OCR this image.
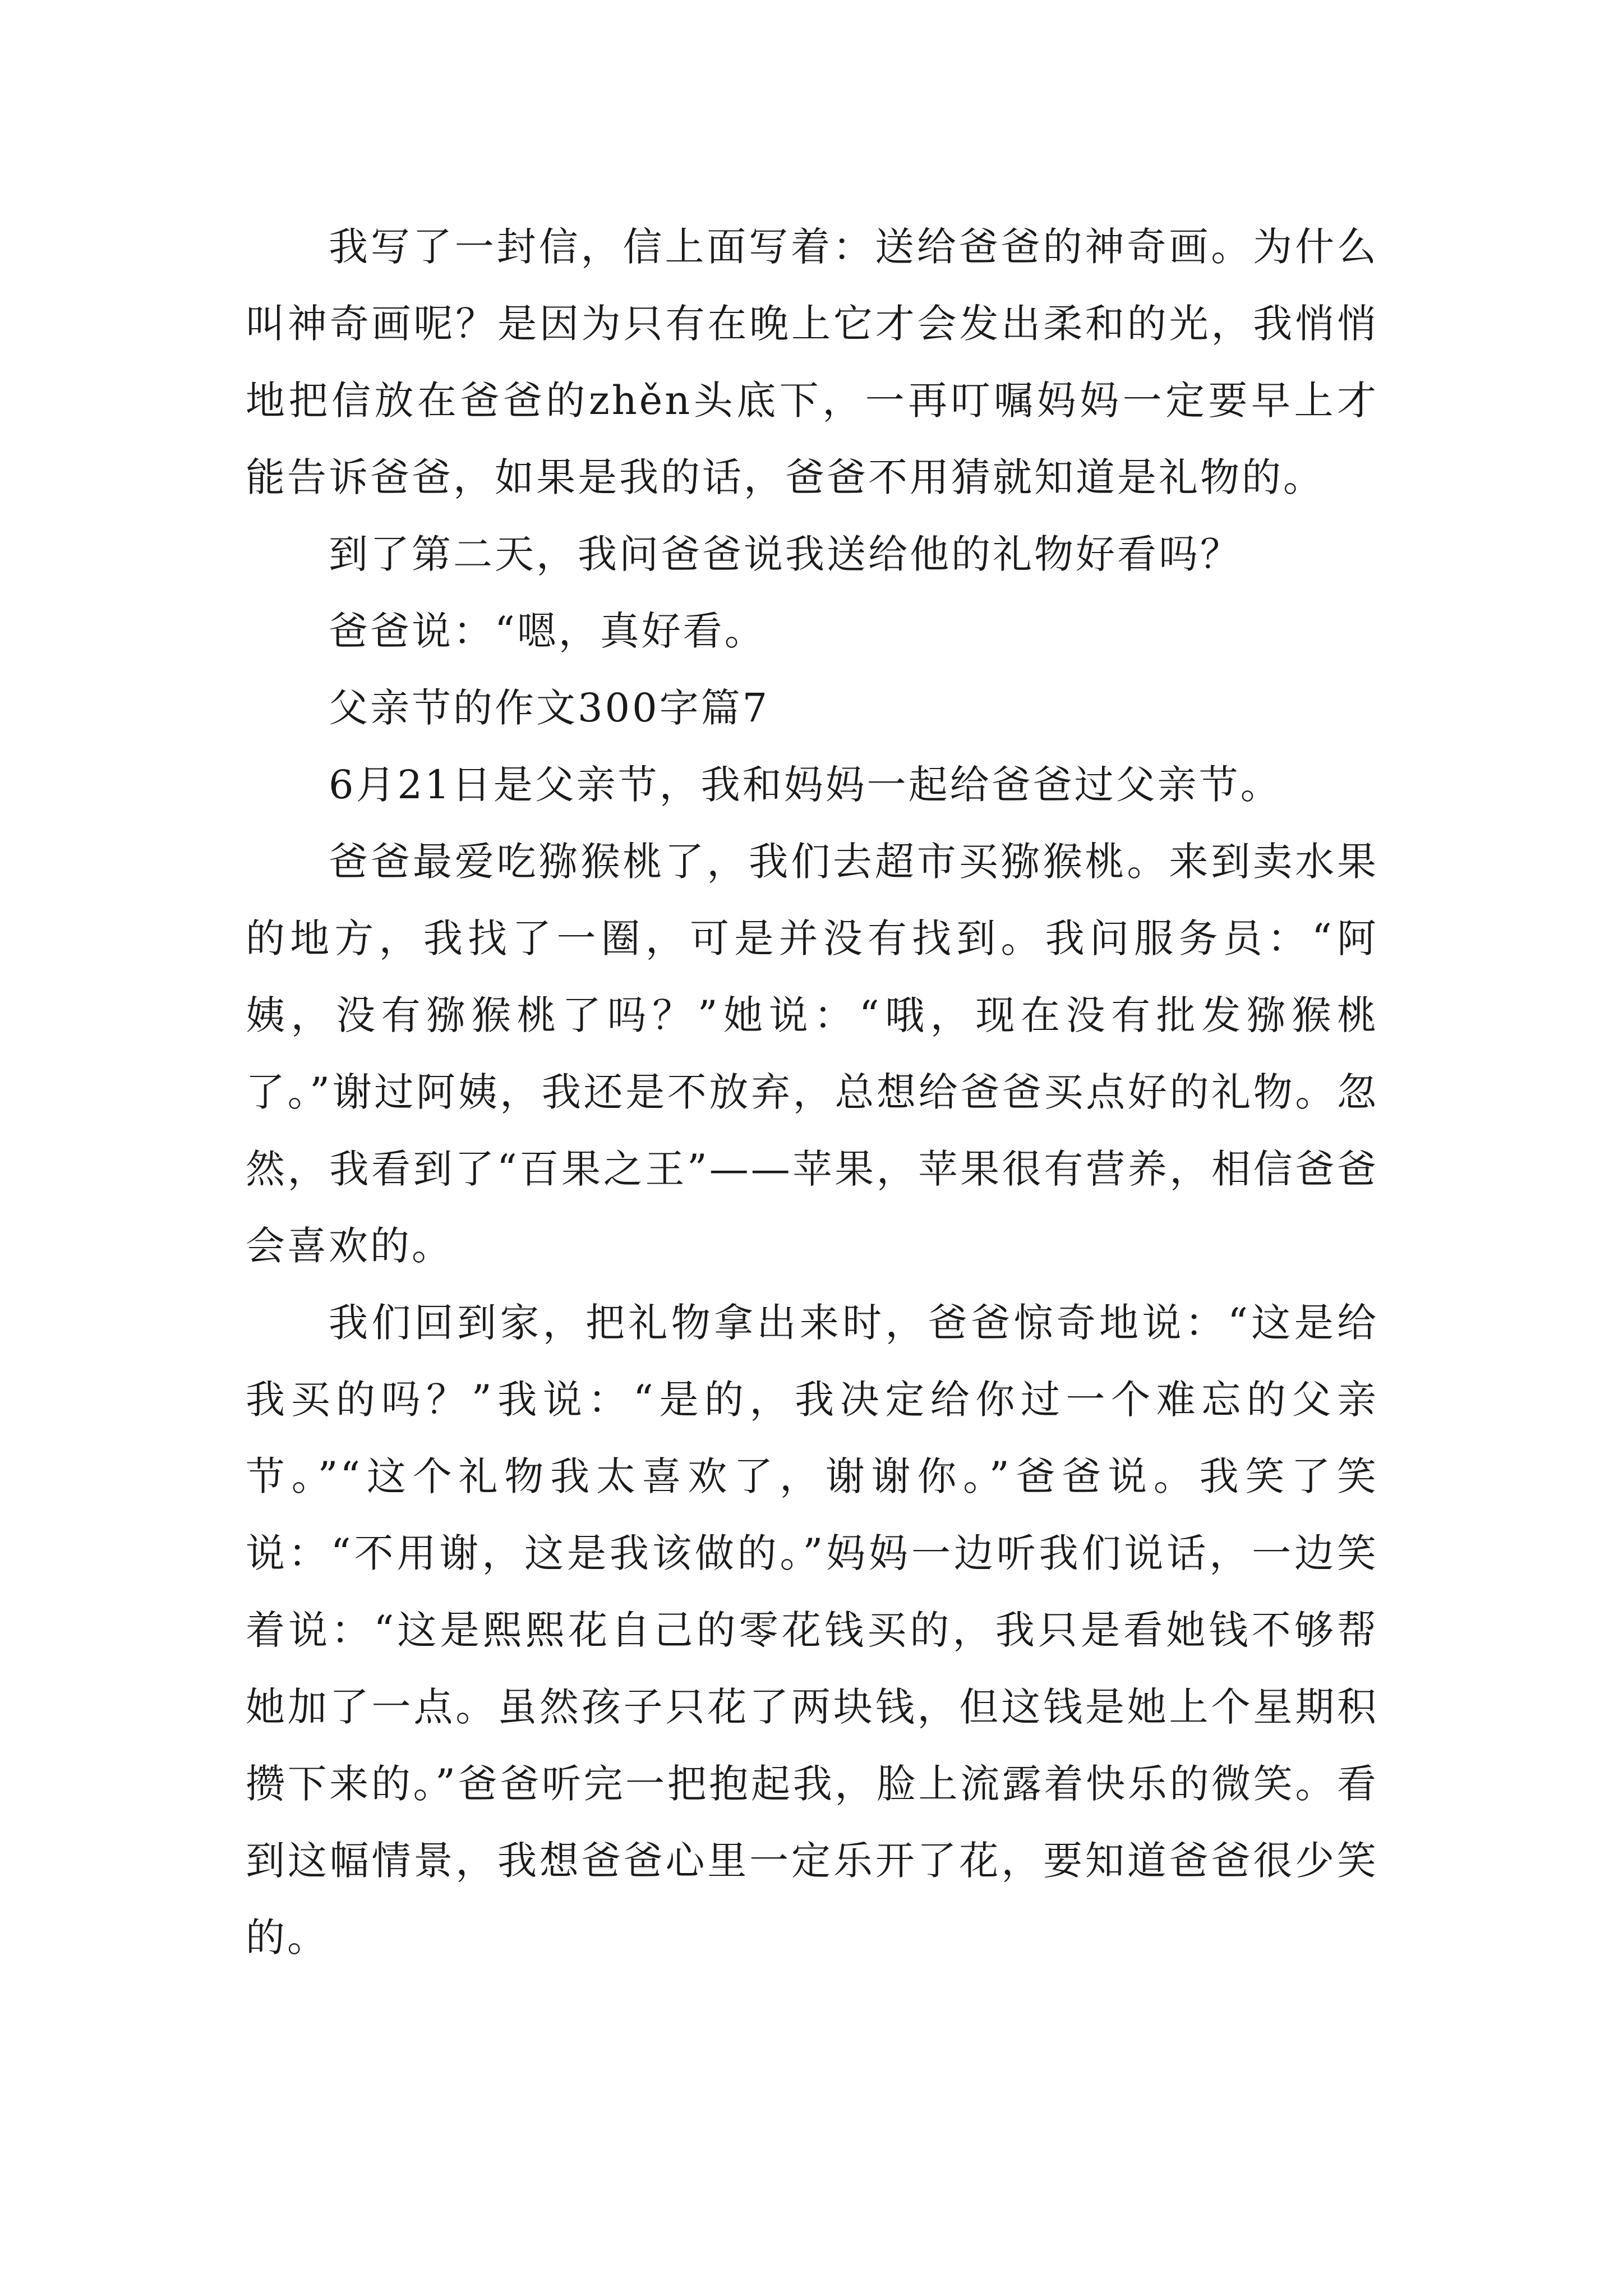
我写了一封信，信上面写着：送给爸爸的神奇画。为什么叫神奇画呢？是因为只有在晚上它才会发出柔和的光，我悄悄地把信放在爸爸的zhěn头底下，一再叮嘱妈妈一定要早上才能告诉爸爸，如果是我的话，爸爸不用猜就知道是礼物的。

到了第二天，我问爸爸说我送给他的礼物好看吗？

爸爸说：“嗯，真好看。

父亲节的作文300字篇7

6月21日是父亲节，我和妈妈一起给爸爸过父亲节。

爸爸最爱吃猕猴桃了，我们去超市买猕猴桃。来到卖水果的地方，我找了一圈，可是并没有找到。我问服务员：“阿姨，没有猕猴桃了吗？”她说：“哦，现在没有批发猕猴桃了。”谢过阿姨，我还是不放弃，总想给爸爸买点好的礼物。忽然，我看到了“百果之王”——苹果，苹果很有营养，相信爸爸会喜欢的。

我们回到家，把礼物拿出来时，爸爸惊奇地说：“这是给我买的吗？”我说：“是的，我决定给你过一个难忘的父亲节。”“这个礼物我太喜欢了，谢谢你。”爸爸说。我笑了笑说：“不用谢，这是我该做的。”妈妈一边听我们说话，一边笑着说：“这是熙熙花自己的零花钱买的，我只是看她钱不够帮她加了一点。虽然孩子只花了两块钱，但这钱是她上个星期积攒下来的。”爸爸听完一把抱起我，脸上流露着快乐的微笑。看到这幅情景，我想爸爸心里一定乐开了花，要知道爸爸很少笑的。
